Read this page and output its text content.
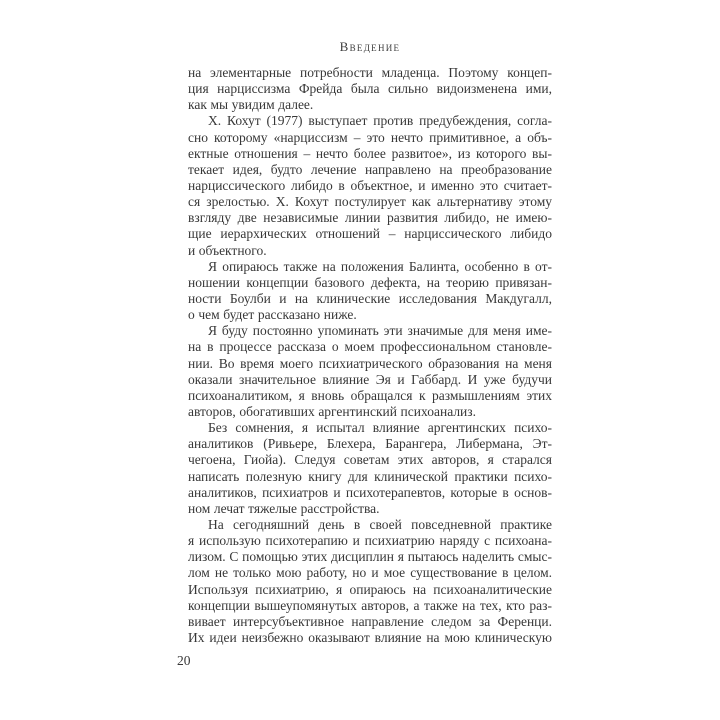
Введение
на элементарные потребности младенца. Поэтому концеп-
ция нарциссизма Фрейда была сильно видоизменена ими,
как мы увидим далее.
Х. Кохут (1977) выступает против предубеждения, согла-
сно которому «нарциссизм – это нечто примитивное, а объ-
ектные отношения – нечто более развитое», из которого вы-
текает идея, будто лечение направлено на преобразование
нарциссического либидо в объектное, и именно это считает-
ся зрелостью. Х. Кохут постулирует как альтернативу этому
взгляду две независимые линии развития либидо, не имею-
щие иерархических отношений – нарциссического либидо
и объектного.
Я опираюсь также на положения Балинта, особенно в от-
ношении концепции базового дефекта, на теорию привязан-
ности Боулби и на клинические исследования Макдугалл,
о чем будет рассказано ниже.
Я буду постоянно упоминать эти значимые для меня име-
на в процессе рассказа о моем профессиональном становле-
нии. Во время моего психиатрического образования на меня
оказали значительное влияние Эя и Габбард. И уже будучи
психоаналитиком, я вновь обращался к размышлениям этих
авторов, обогативших аргентинский психоанализ.
Без сомнения, я испытал влияние аргентинских психо-
аналитиков (Ривьере, Блехера, Барангера, Либермана, Эт-
чегоена, Гиойа). Следуя советам этих авторов, я старался
написать полезную книгу для клинической практики психо-
аналитиков, психиатров и психотерапевтов, которые в основ-
ном лечат тяжелые расстройства.
На сегодняшний день в своей повседневной практике
я использую психотерапию и психиатрию наряду с психоана-
лизом. С помощью этих дисциплин я пытаюсь наделить смыс-
лом не только мою работу, но и мое существование в целом.
Используя психиатрию, я опираюсь на психоаналитические
концепции вышеупомянутых авторов, а также на тех, кто раз-
вивает интерсубъективное направление следом за Ференци.
Их идеи неизбежно оказывают влияние на мою клиническую
20
